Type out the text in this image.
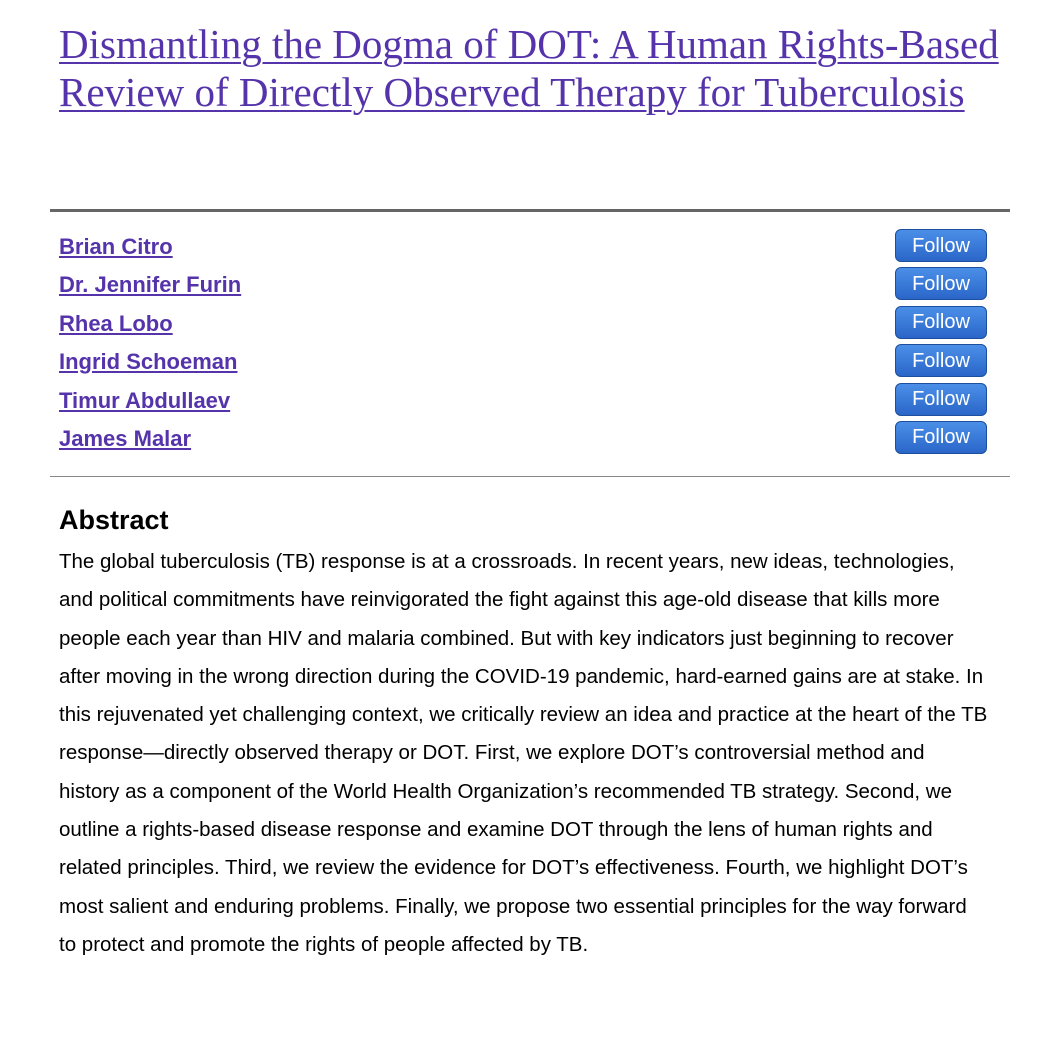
Dismantling the Dogma of DOT: A Human Rights-Based Review of Directly Observed Therapy for Tuberculosis
Brian Citro	Follow
Dr. Jennifer Furin	Follow
Rhea Lobo	Follow
Ingrid Schoeman	Follow
Timur Abdullaev	Follow
James Malar	Follow
Abstract

The global tuberculosis (TB) response is at a crossroads. In recent years, new ideas, technologies, and political commitments have reinvigorated the fight against this age-old disease that kills more people each year than HIV and malaria combined. But with key indicators just beginning to recover after moving in the wrong direction during the COVID-19 pandemic, hard-earned gains are at stake. In this rejuvenated yet challenging context, we critically review an idea and practice at the heart of the TB response—directly observed therapy or DOT. First, we explore DOT’s controversial method and history as a component of the World Health Organization’s recommended TB strategy. Second, we outline a rights-based disease response and examine DOT through the lens of human rights and related principles. Third, we review the evidence for DOT’s effectiveness. Fourth, we highlight DOT’s most salient and enduring problems. Finally, we propose two essential principles for the way forward to protect and promote the rights of people affected by TB.
